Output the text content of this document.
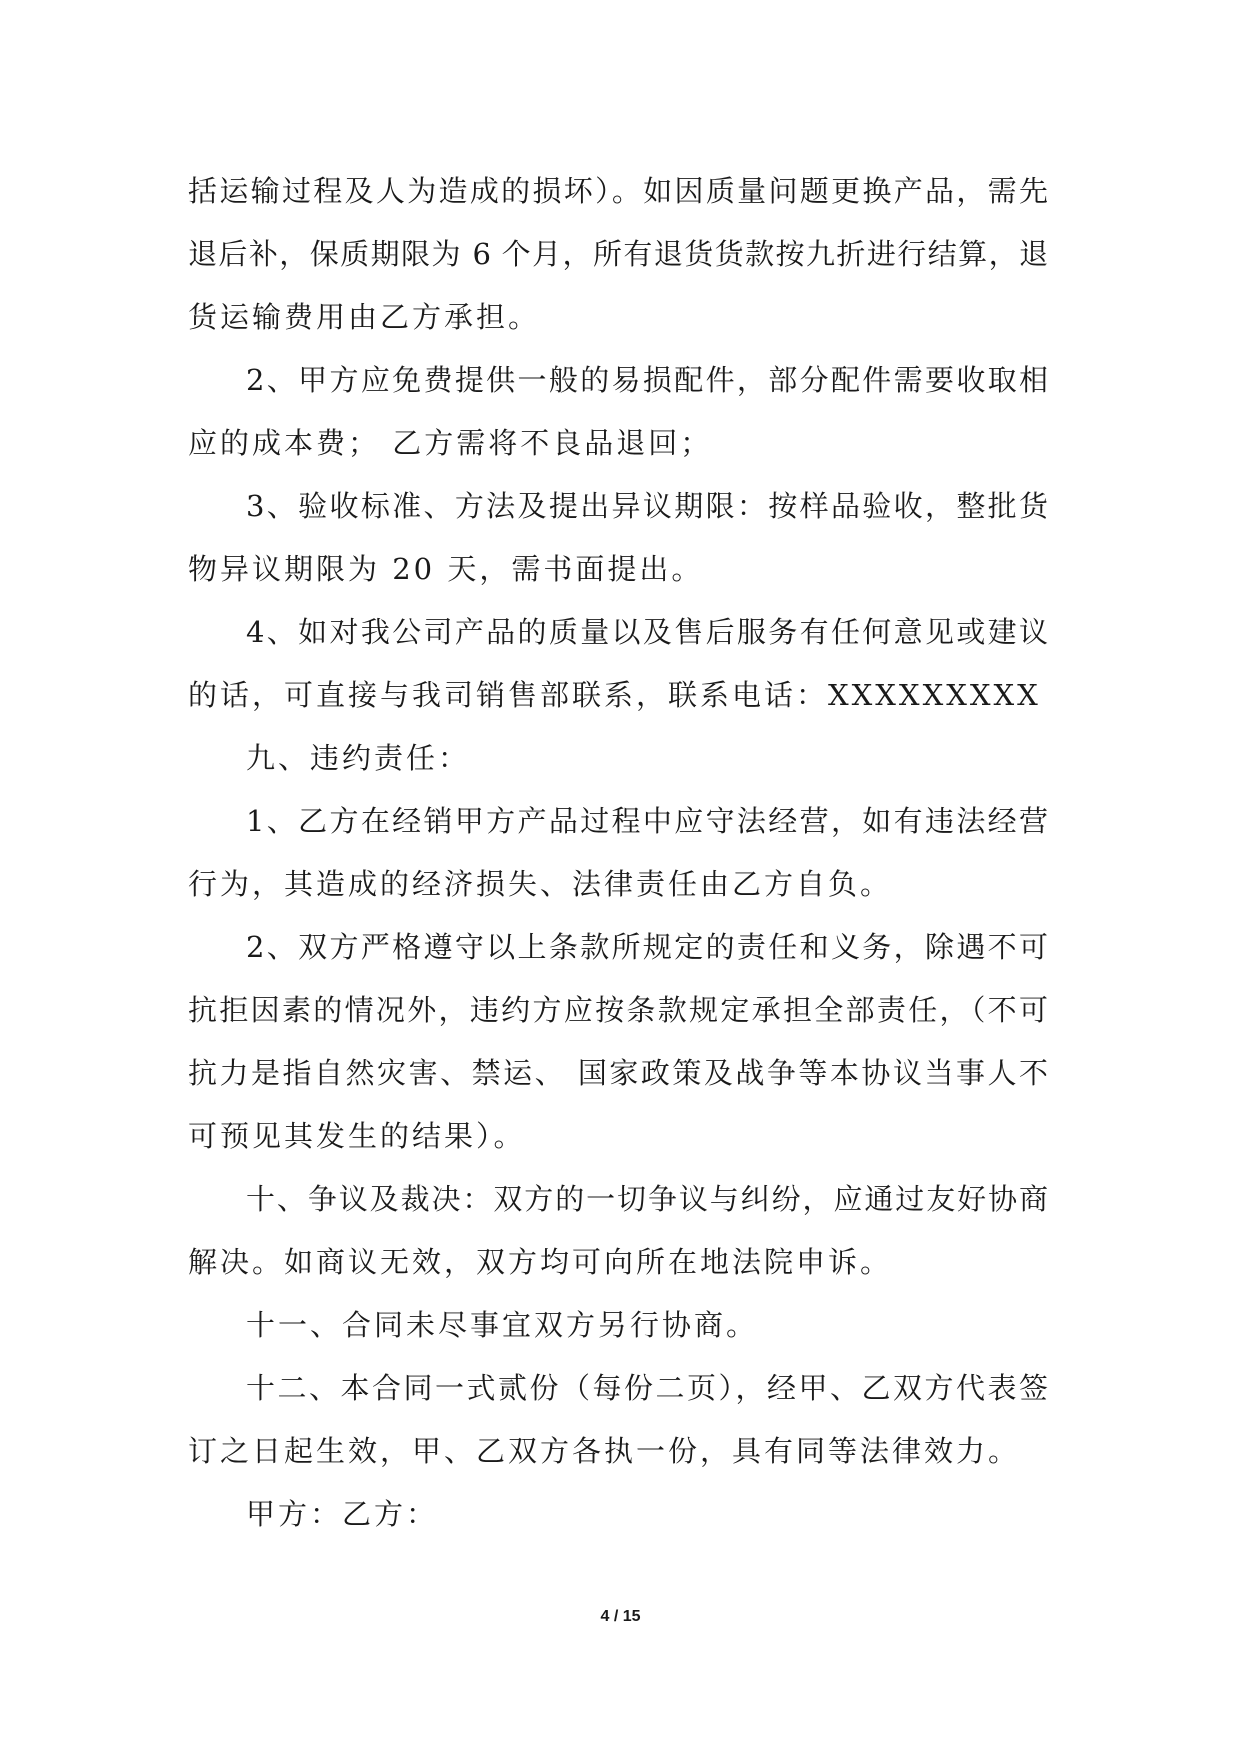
括运输过程及人为造成的损坏）。如因质量问题更换产品，需先
退后补，保质期限为 6 个月，所有退货货款按九折进行结算，退
货运输费用由乙方承担。
2、甲方应免费提供一般的易损配件，部分配件需要收取相
应的成本费； 乙方需将不良品退回；
3、验收标准、方法及提出异议期限：按样品验收，整批货
物异议期限为 20 天，需书面提出。
4、如对我公司产品的质量以及售后服务有任何意见或建议
的话，可直接与我司销售部联系，联系电话：XXXXXXXXX
九、违约责任：
1、乙方在经销甲方产品过程中应守法经营，如有违法经营
行为，其造成的经济损失、法律责任由乙方自负。
2、双方严格遵守以上条款所规定的责任和义务，除遇不可
抗拒因素的情况外，违约方应按条款规定承担全部责任，（不可
抗力是指自然灾害、禁运、 国家政策及战争等本协议当事人不
可预见其发生的结果）。
十、争议及裁决：双方的一切争议与纠纷，应通过友好协商
解决。如商议无效，双方均可向所在地法院申诉。
十一、合同未尽事宜双方另行协商。
十二、本合同一式贰份（每份二页），经甲、乙双方代表签
订之日起生效，甲、乙双方各执一份，具有同等法律效力。
甲方：乙方：
4 / 15
